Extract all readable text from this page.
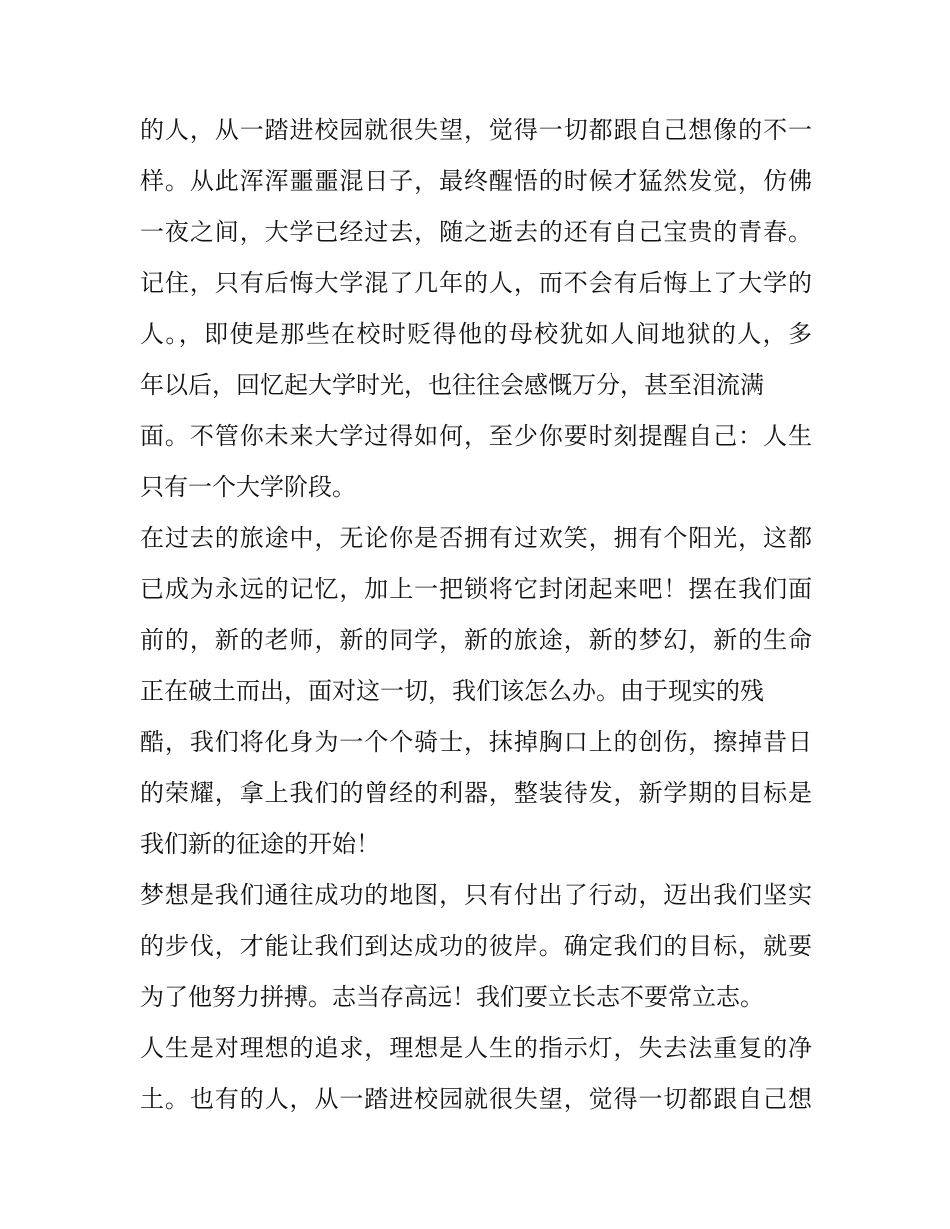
的人，从一踏进校园就很失望，觉得一切都跟自己想像的不一
样。从此浑浑噩噩混日子，最终醒悟的时候才猛然发觉，仿佛
一夜之间，大学已经过去，随之逝去的还有自己宝贵的青春。
记住，只有后悔大学混了几年的人，而不会有后悔上了大学的
人。，即使是那些在校时贬得他的母校犹如人间地狱的人，多
年以后，回忆起大学时光，也往往会感慨万分，甚至泪流满
面。不管你未来大学过得如何，至少你要时刻提醒自己：人生
只有一个大学阶段。
在过去的旅途中，无论你是否拥有过欢笑，拥有个阳光，这都
已成为永远的记忆，加上一把锁将它封闭起来吧！摆在我们面
前的，新的老师，新的同学，新的旅途，新的梦幻，新的生命
正在破土而出，面对这一切，我们该怎么办。由于现实的残
酷，我们将化身为一个个骑士，抹掉胸口上的创伤，擦掉昔日
的荣耀，拿上我们的曾经的利器，整装待发，新学期的目标是
我们新的征途的开始！
梦想是我们通往成功的地图，只有付出了行动，迈出我们坚实
的步伐，才能让我们到达成功的彼岸。确定我们的目标，就要
为了他努力拼搏。志当存高远！我们要立长志不要常立志。
人生是对理想的追求，理想是人生的指示灯，失去法重复的净
土。也有的人，从一踏进校园就很失望，觉得一切都跟自己想
